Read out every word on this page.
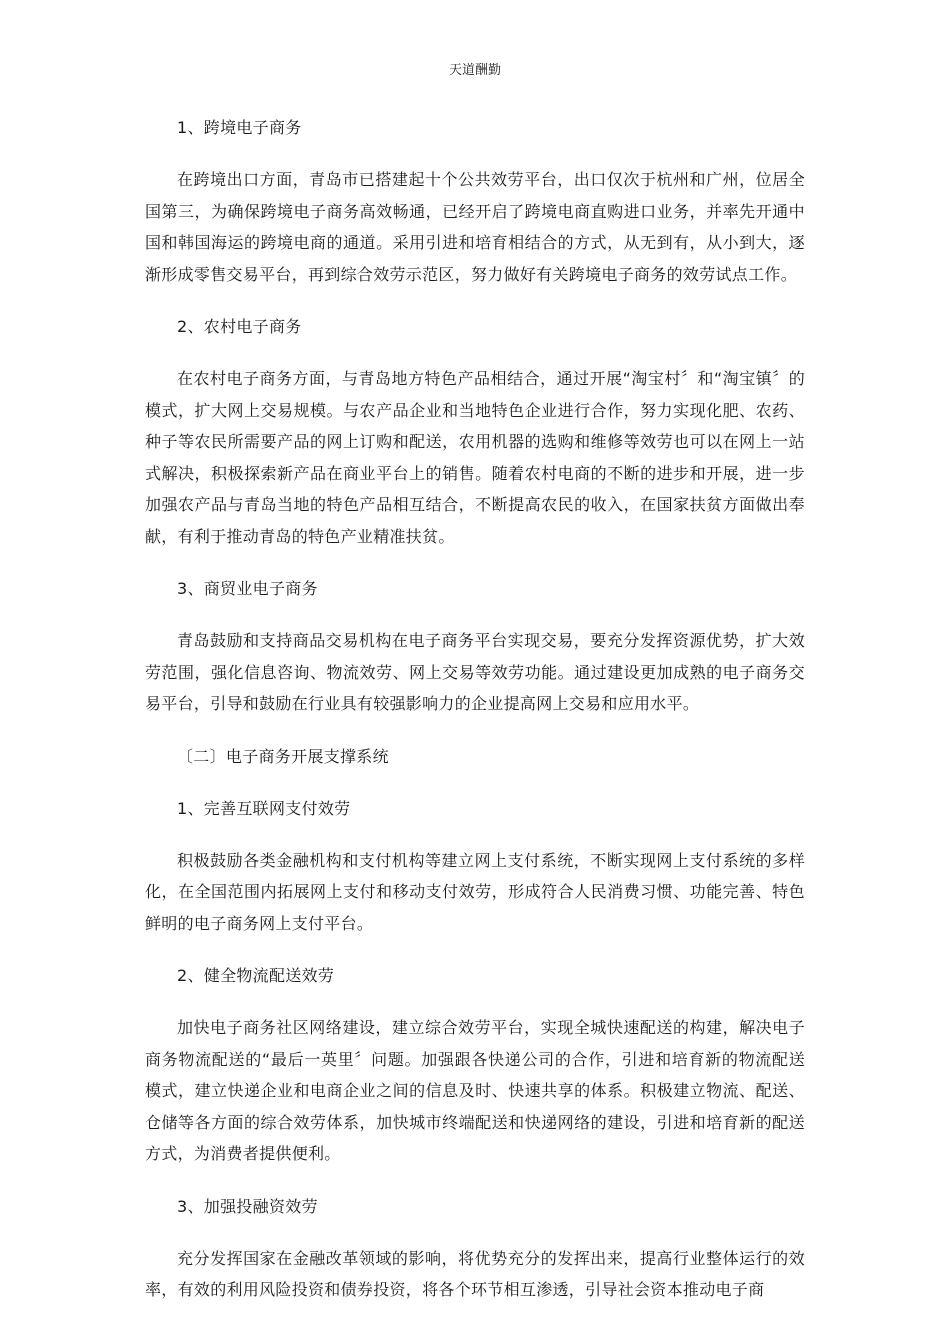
天道酬勤

1、跨境电子商务

在跨境出口方面，青岛市已搭建起十个公共效劳平台，出口仅次于杭州和广州，位居全国第三，为确保跨境电子商务高效畅通，已经开启了跨境电商直购进口业务，并率先开通中国和韩国海运的跨境电商的通道。采用引进和培育相结合的方式，从无到有，从小到大，逐渐形成零售交易平台，再到综合效劳示范区，努力做好有关跨境电子商务的效劳试点工作。

2、农村电子商务

在农村电子商务方面，与青岛地方特色产品相结合，通过开展“淘宝村〞和“淘宝镇〞的模式，扩大网上交易规模。与农产品企业和当地特色企业进行合作，努力实现化肥、农药、种子等农民所需要产品的网上订购和配送，农用机器的选购和维修等效劳也可以在网上一站式解决，积极探索新产品在商业平台上的销售。随着农村电商的不断的进步和开展，进一步加强农产品与青岛当地的特色产品相互结合，不断提高农民的收入，在国家扶贫方面做出奉献，有利于推动青岛的特色产业精准扶贫。

3、商贸业电子商务

青岛鼓励和支持商品交易机构在电子商务平台实现交易，要充分发挥资源优势，扩大效劳范围，强化信息咨询、物流效劳、网上交易等效劳功能。通过建设更加成熟的电子商务交易平台，引导和鼓励在行业具有较强影响力的企业提高网上交易和应用水平。

〔二〕电子商务开展支撑系统

1、完善互联网支付效劳

积极鼓励各类金融机构和支付机构等建立网上支付系统，不断实现网上支付系统的多样化，在全国范围内拓展网上支付和移动支付效劳，形成符合人民消费习惯、功能完善、特色鲜明的电子商务网上支付平台。

2、健全物流配送效劳

加快电子商务社区网络建设，建立综合效劳平台，实现全城快速配送的构建，解决电子商务物流配送的“最后一英里〞问题。加强跟各快递公司的合作，引进和培育新的物流配送模式，建立快递企业和电商企业之间的信息及时、快速共享的体系。积极建立物流、配送、仓储等各方面的综合效劳体系，加快城市终端配送和快递网络的建设，引进和培育新的配送方式，为消费者提供便利。

3、加强投融资效劳

充分发挥国家在金融改革领域的影响，将优势充分的发挥出来，提高行业整体运行的效率，有效的利用风险投资和债券投资，将各个环节相互渗透，引导社会资本推动电子商
